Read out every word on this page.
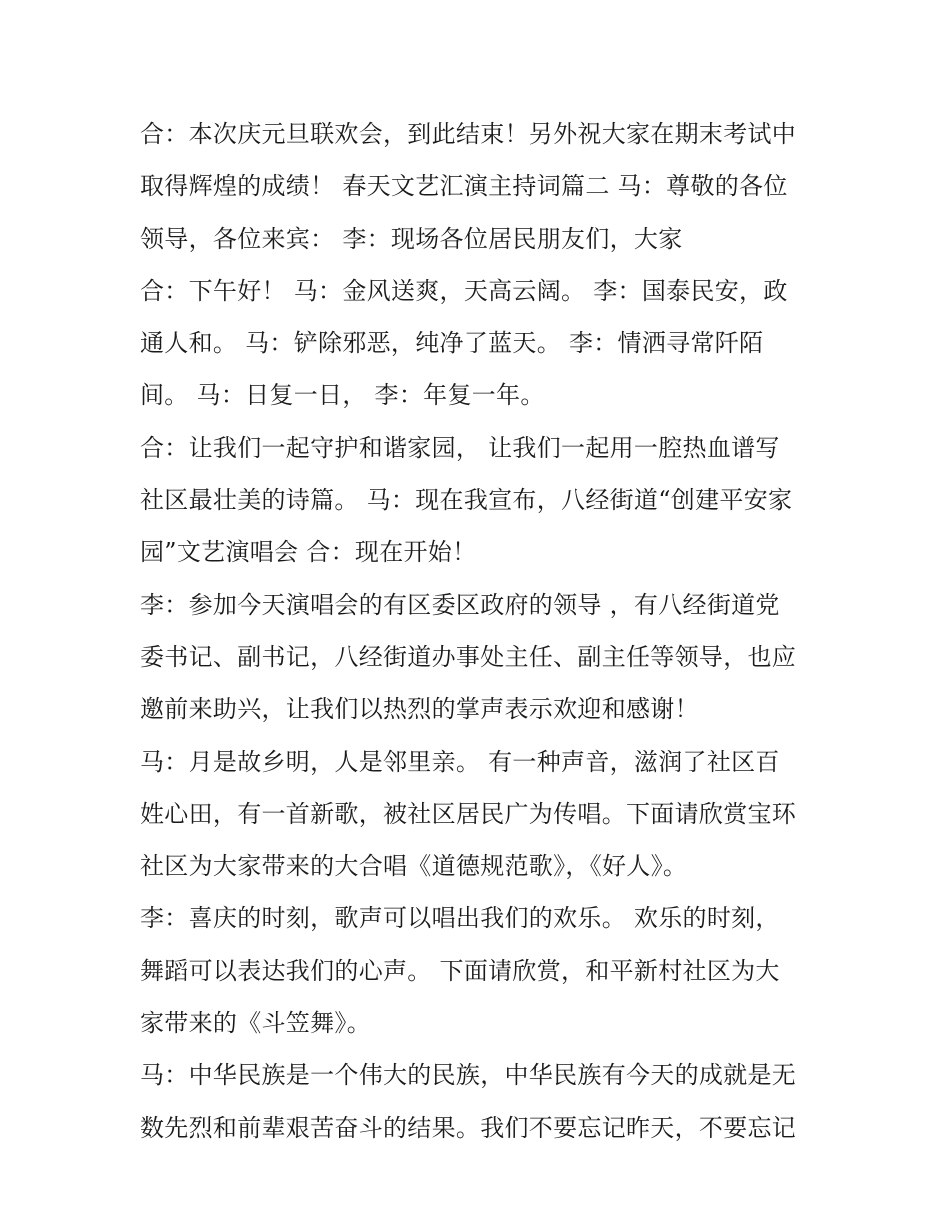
合：本次庆元旦联欢会，到此结束！另外祝大家在期末考试中
取得辉煌的成绩！ 春天文艺汇演主持词篇二 马：尊敬的各位
领导，各位来宾： 李：现场各位居民朋友们，大家
合：下午好！ 马：金风送爽，天高云阔。 李：国泰民安，政
通人和。 马：铲除邪恶，纯净了蓝天。 李：情洒寻常阡陌
间。 马：日复一日， 李：年复一年。
合：让我们一起守护和谐家园， 让我们一起用一腔热血谱写
社区最壮美的诗篇。 马：现在我宣布，八经街道“创建平安家
园”文艺演唱会 合：现在开始！
李：参加今天演唱会的有区委区政府的领导 ，有八经街道党
委书记、副书记，八经街道办事处主任、副主任等领导，也应
邀前来助兴，让我们以热烈的掌声表示欢迎和感谢！
马：月是故乡明，人是邻里亲。 有一种声音，滋润了社区百
姓心田，有一首新歌，被社区居民广为传唱。下面请欣赏宝环
社区为大家带来的大合唱《道德规范歌》，《好人》。
李：喜庆的时刻，歌声可以唱出我们的欢乐。 欢乐的时刻，
舞蹈可以表达我们的心声。 下面请欣赏，和平新村社区为大
家带来的《斗笠舞》。
马：中华民族是一个伟大的民族，中华民族有今天的成就是无
数先烈和前辈艰苦奋斗的结果。我们不要忘记昨天，不要忘记
